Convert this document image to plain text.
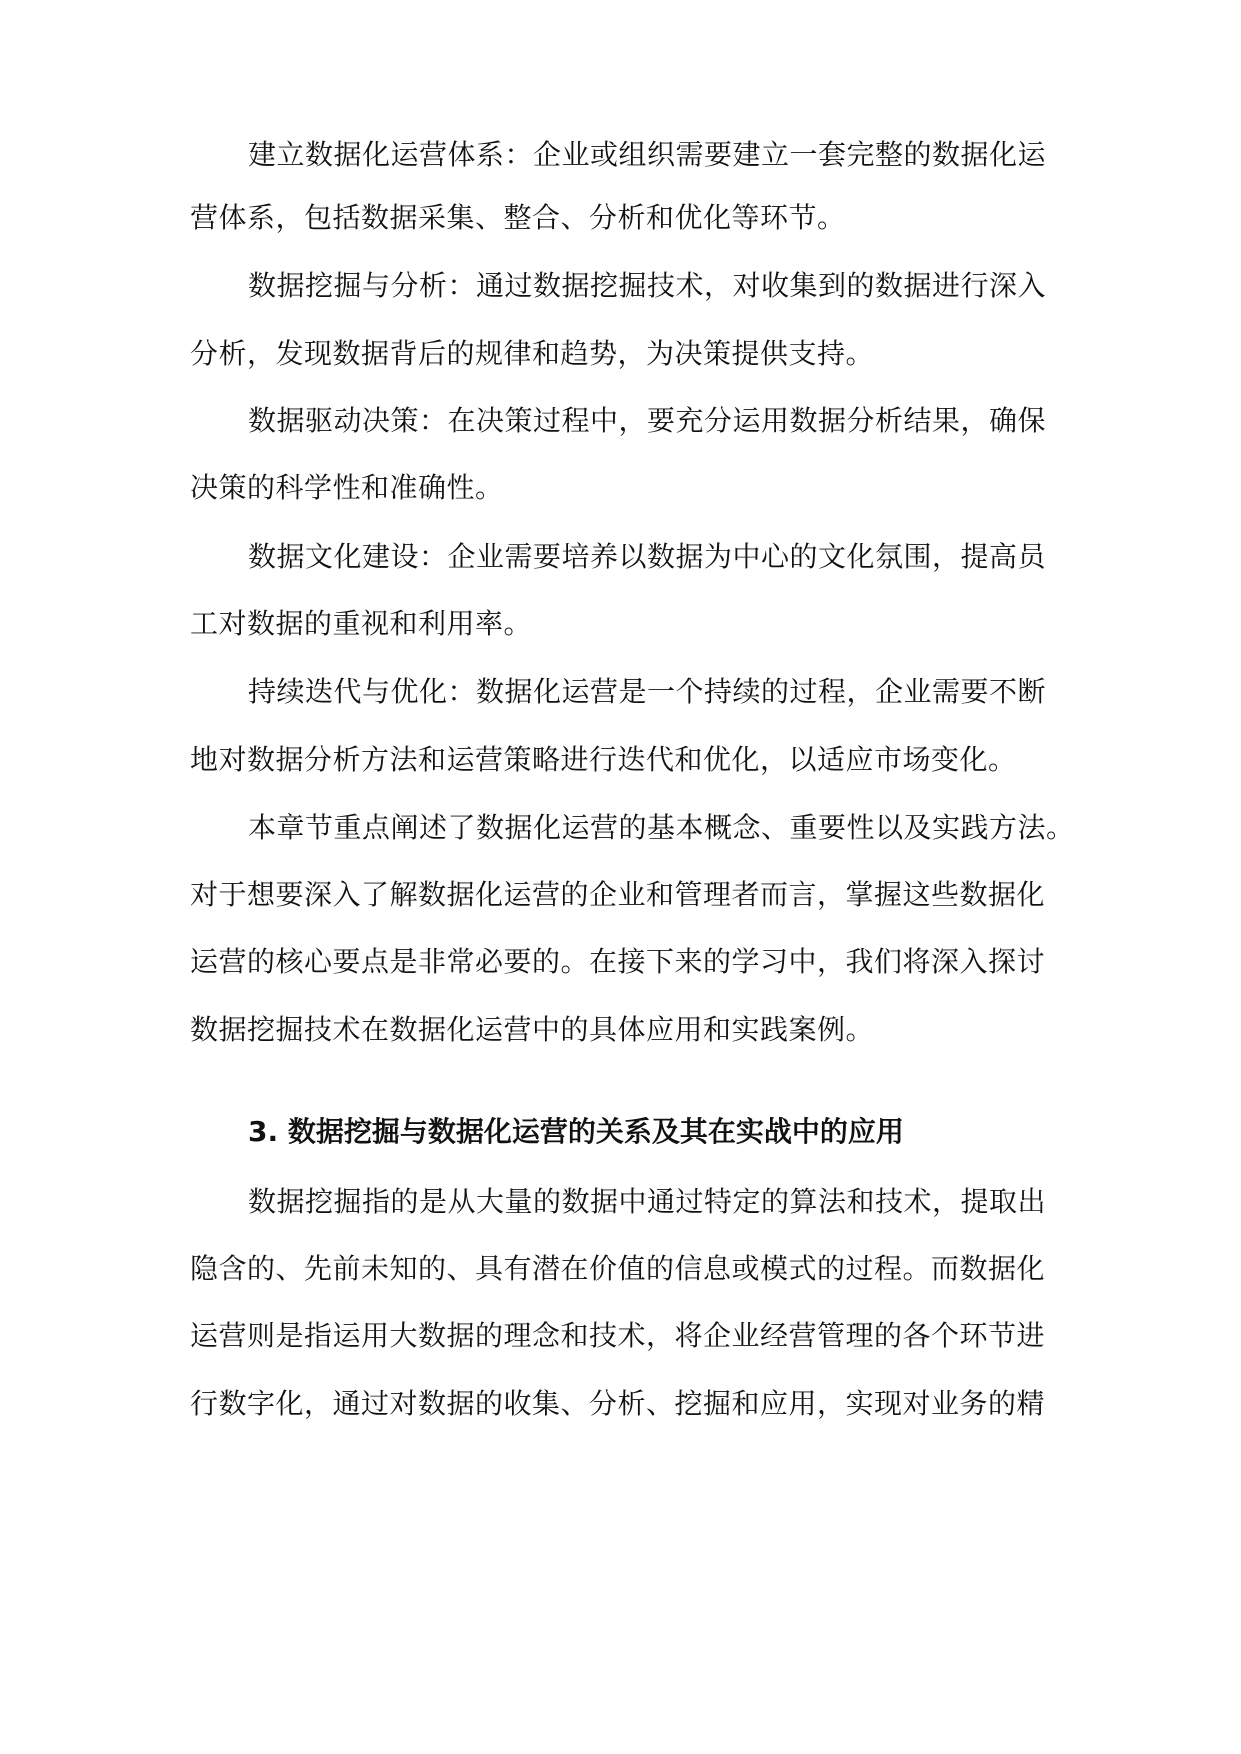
建立数据化运营体系：企业或组织需要建立一套完整的数据化运
营体系，包括数据采集、整合、分析和优化等环节。
数据挖掘与分析：通过数据挖掘技术，对收集到的数据进行深入
分析，发现数据背后的规律和趋势，为决策提供支持。
数据驱动决策：在决策过程中，要充分运用数据分析结果，确保
决策的科学性和准确性。
数据文化建设：企业需要培养以数据为中心的文化氛围，提高员
工对数据的重视和利用率。
持续迭代与优化：数据化运营是一个持续的过程，企业需要不断
地对数据分析方法和运营策略进行迭代和优化，以适应市场变化。
本章节重点阐述了数据化运营的基本概念、重要性以及实践方法。
对于想要深入了解数据化运营的企业和管理者而言，掌握这些数据化
运营的核心要点是非常必要的。在接下来的学习中，我们将深入探讨
数据挖掘技术在数据化运营中的具体应用和实践案例。
3. 数据挖掘与数据化运营的关系及其在实战中的应用
数据挖掘指的是从大量的数据中通过特定的算法和技术，提取出
隐含的、先前未知的、具有潜在价值的信息或模式的过程。而数据化
运营则是指运用大数据的理念和技术，将企业经营管理的各个环节进
行数字化，通过对数据的收集、分析、挖掘和应用，实现对业务的精
